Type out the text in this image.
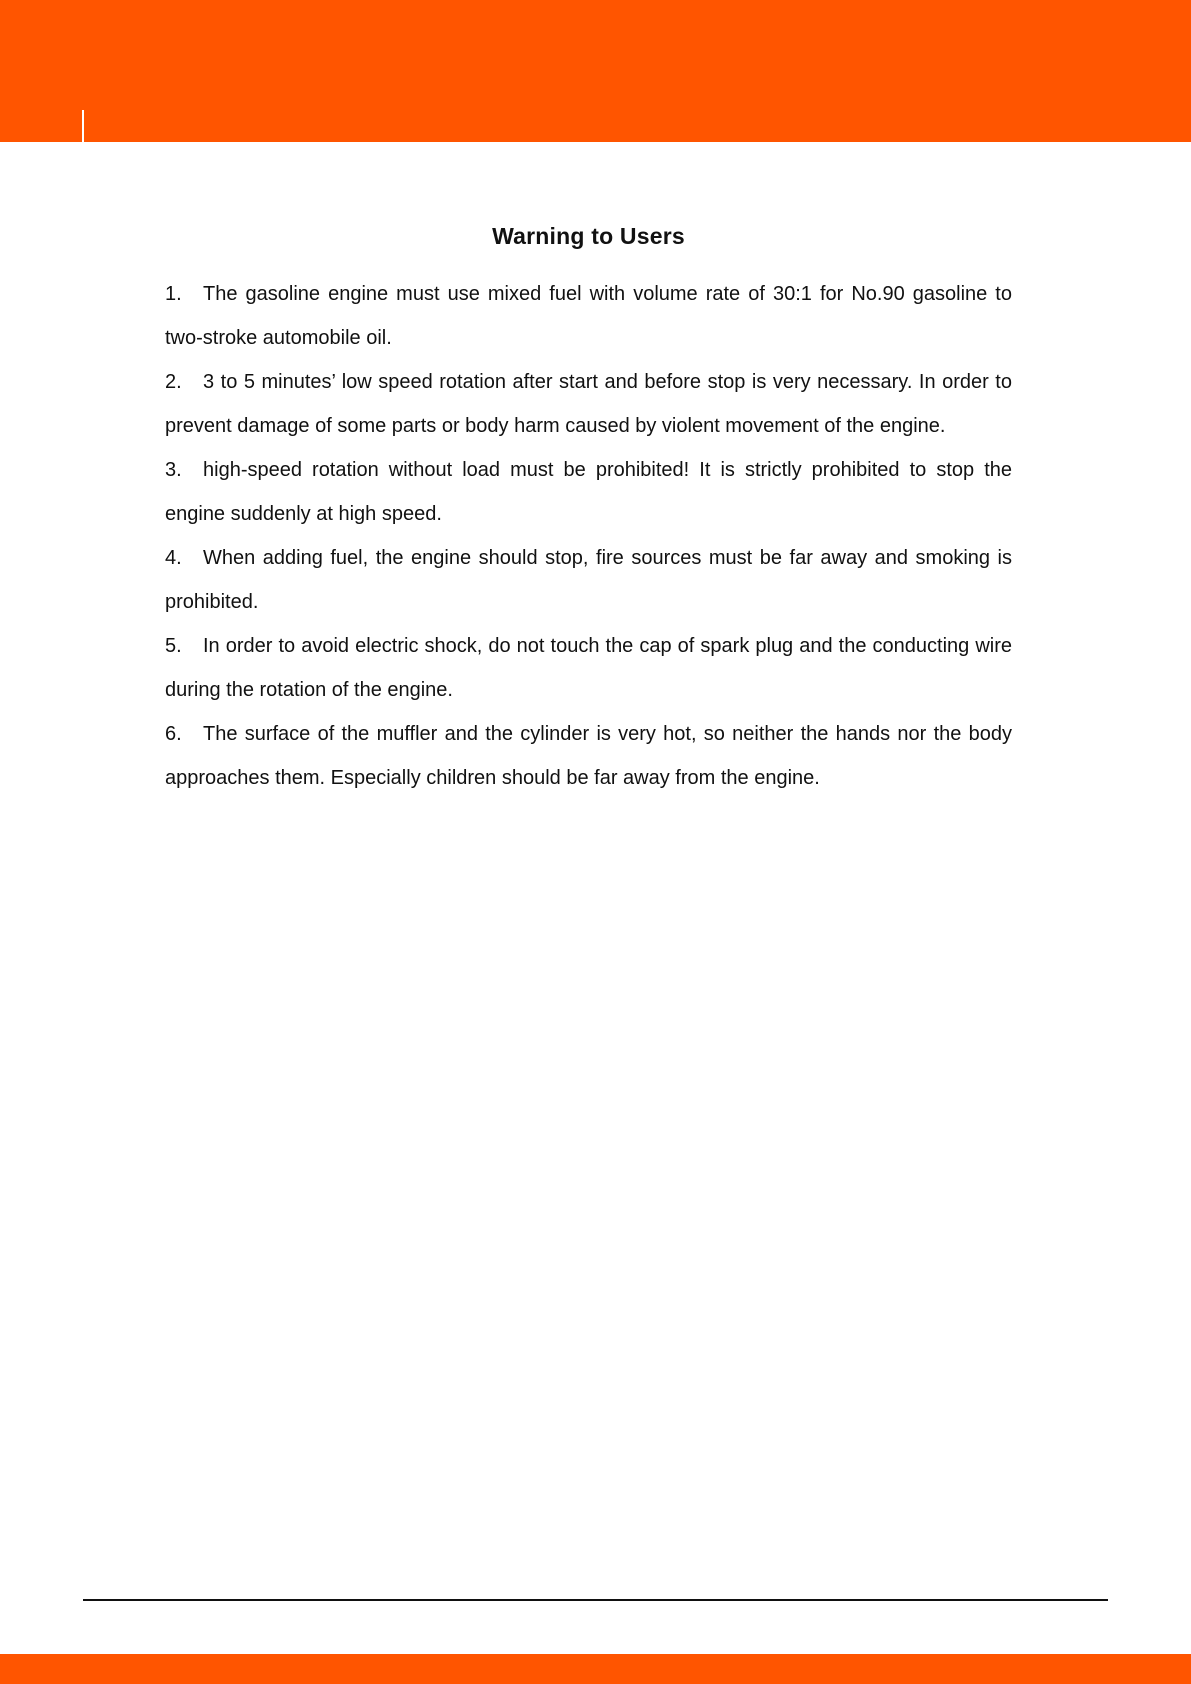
Warning to Users
1. The gasoline engine must use mixed fuel with volume rate of 30:1 for No.90 gasoline to two-stroke automobile oil.
2. 3 to 5 minutes’ low speed rotation after start and before stop is very necessary. In order to prevent damage of some parts or body harm caused by violent movement of the engine.
3. high-speed rotation without load must be prohibited! It is strictly prohibited to stop the engine suddenly at high speed.
4. When adding fuel, the engine should stop, fire sources must be far away and smoking is prohibited.
5. In order to avoid electric shock, do not touch the cap of spark plug and the conducting wire during the rotation of the engine.
6. The surface of the muffler and the cylinder is very hot, so neither the hands nor the body approaches them. Especially children should be far away from the engine.
